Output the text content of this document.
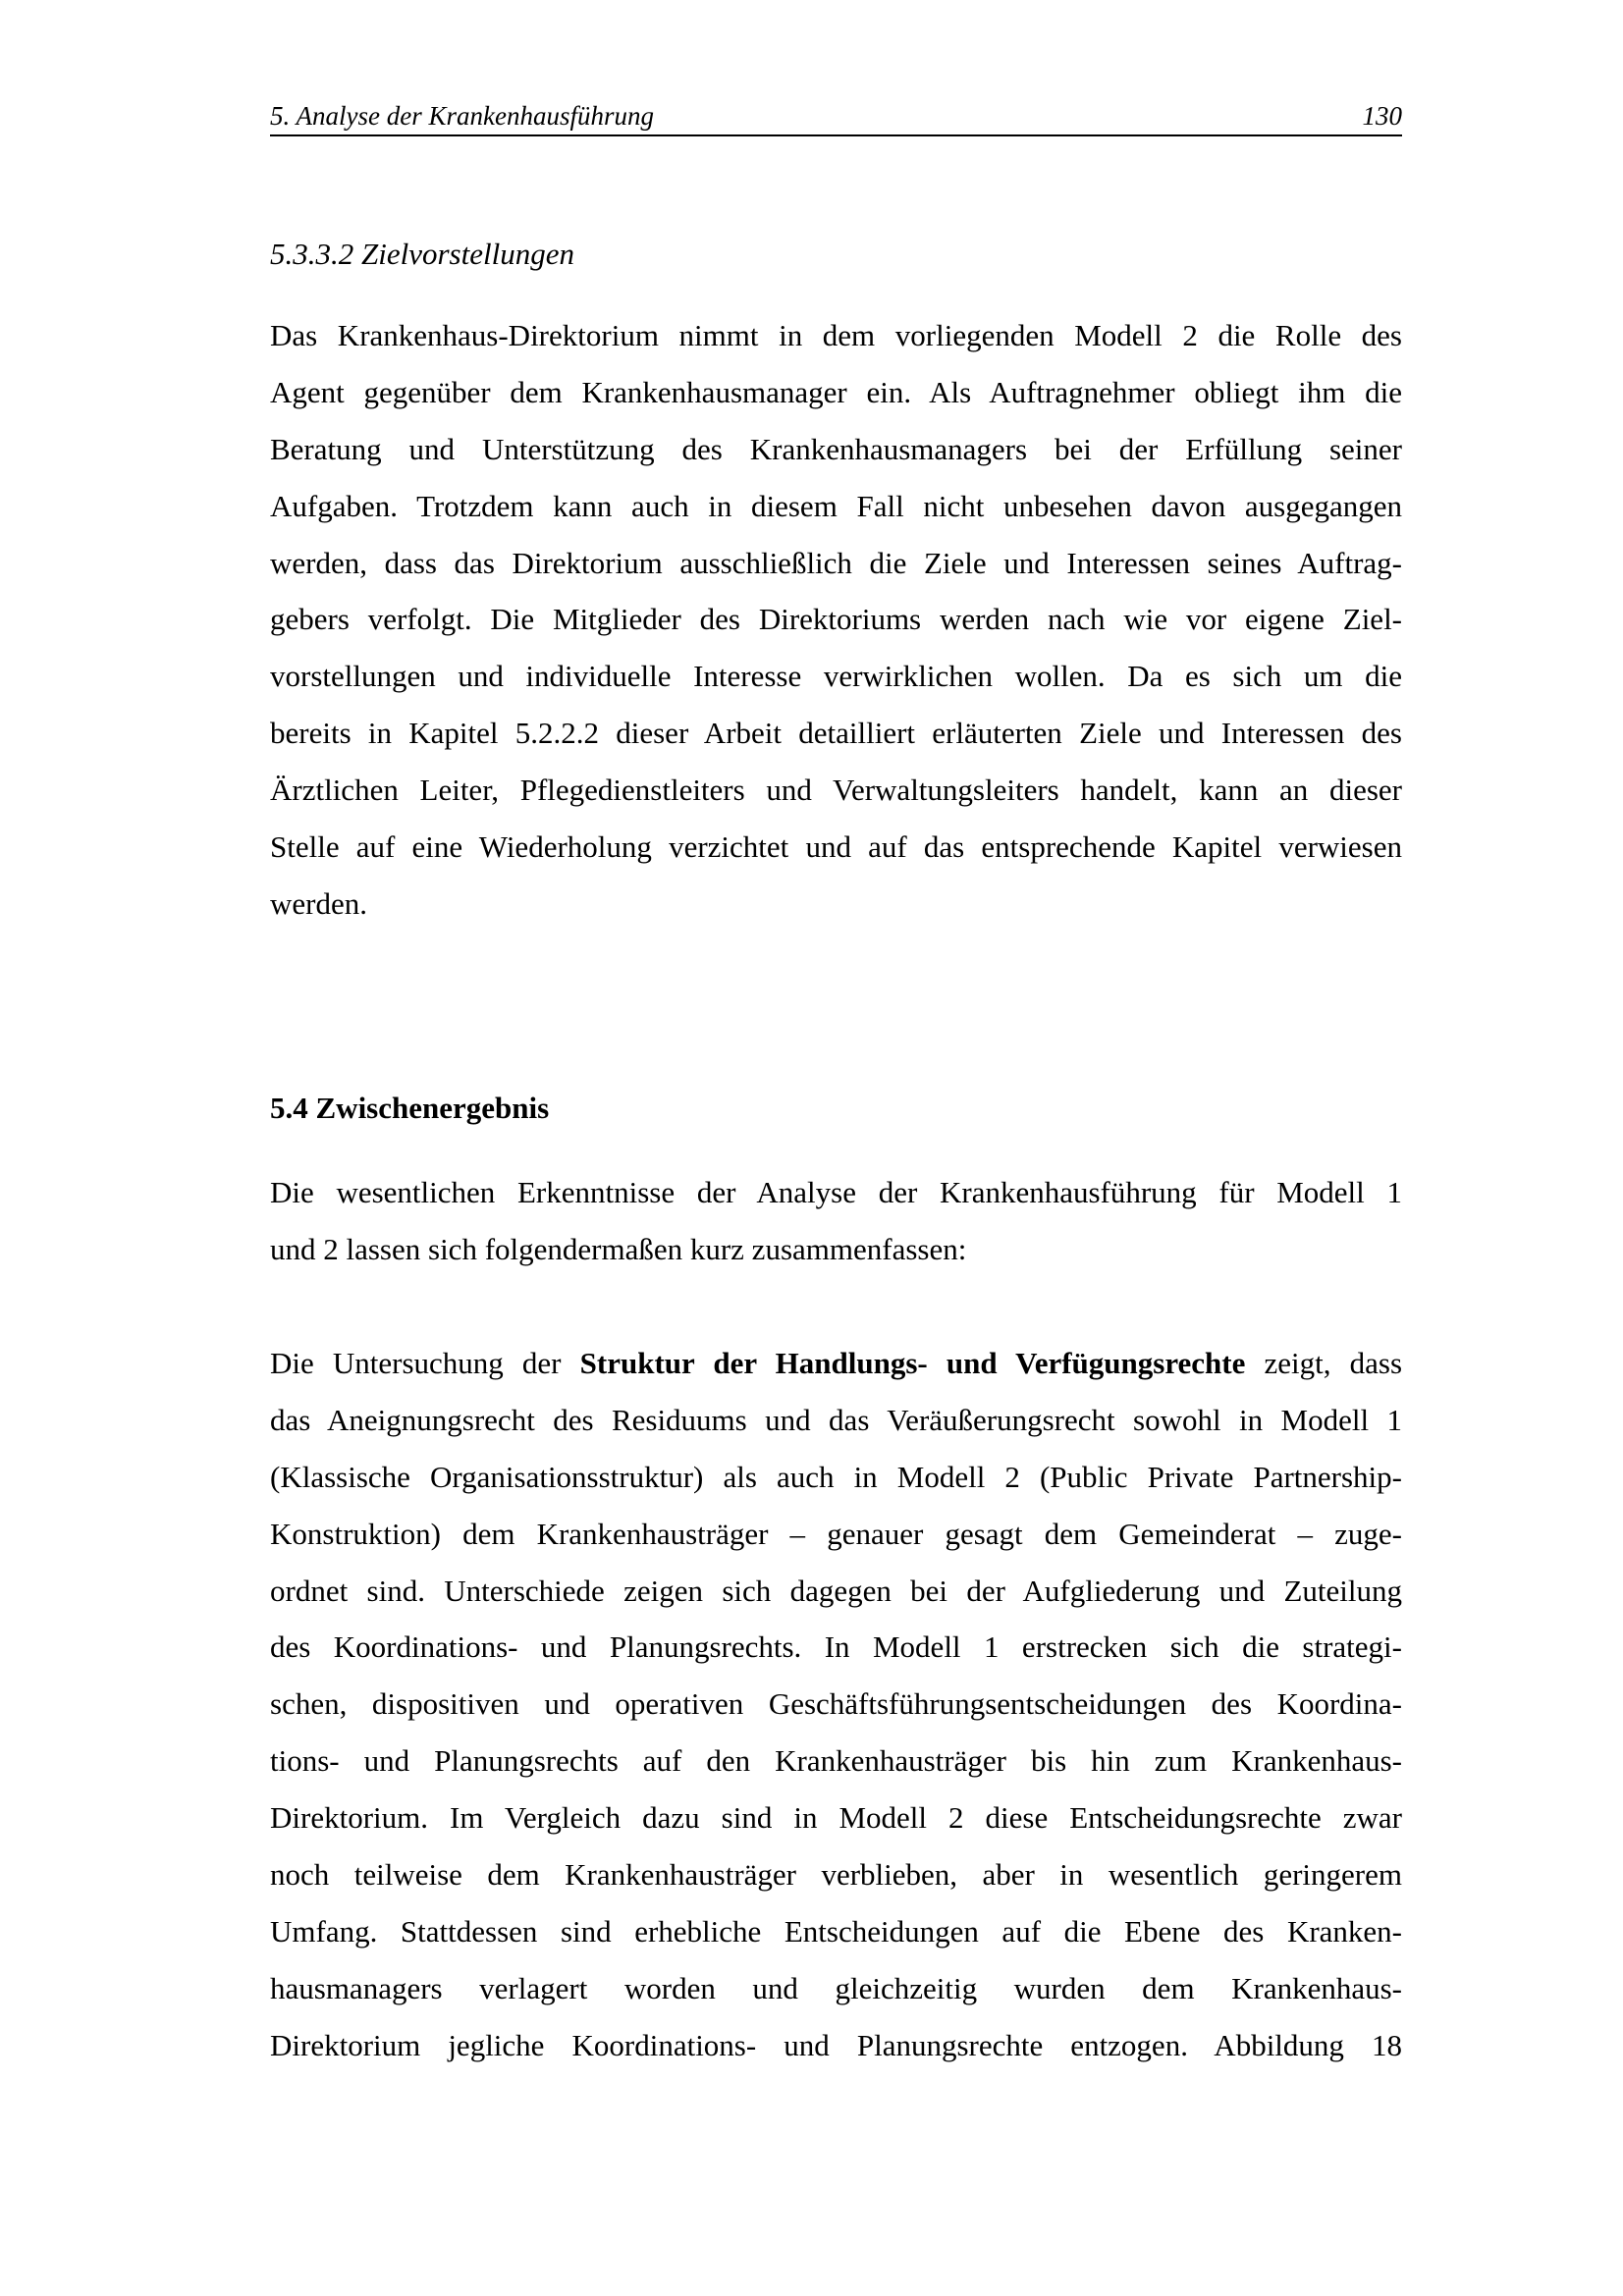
5. Analyse der Krankenhausführung	130
5.3.3.2 Zielvorstellungen
Das Krankenhaus-Direktorium nimmt in dem vorliegenden Modell 2 die Rolle des
Agent gegenüber dem Krankenhausmanager ein. Als Auftragnehmer obliegt ihm die
Beratung und Unterstützung des Krankenhausmanagers bei der Erfüllung seiner
Aufgaben. Trotzdem kann auch in diesem Fall nicht unbesehen davon ausgegangen
werden, dass das Direktorium ausschließlich die Ziele und Interessen seines Auftrag-
gebers verfolgt. Die Mitglieder des Direktoriums werden nach wie vor eigene Ziel-
vorstellungen und individuelle Interesse verwirklichen wollen. Da es sich um die
bereits in Kapitel 5.2.2.2 dieser Arbeit detailliert erläuterten Ziele und Interessen des
Ärztlichen Leiter, Pflegedienstleiters und Verwaltungsleiters handelt, kann an dieser
Stelle auf eine Wiederholung verzichtet und auf das entsprechende Kapitel verwiesen
werden.
5.4 Zwischenergebnis
Die wesentlichen Erkenntnisse der Analyse der Krankenhausführung für Modell 1
und 2 lassen sich folgendermaßen kurz zusammenfassen:
Die Untersuchung der Struktur der Handlungs- und Verfügungsrechte zeigt, dass
das Aneignungsrecht des Residuums und das Veräußerungsrecht sowohl in Modell 1
(Klassische Organisationsstruktur) als auch in Modell 2 (Public Private Partnership-
Konstruktion) dem Krankenhausträger – genauer gesagt dem Gemeinderat – zuge-
ordnet sind. Unterschiede zeigen sich dagegen bei der Aufgliederung und Zuteilung
des Koordinations- und Planungsrechts. In Modell 1 erstrecken sich die strategi-
schen, dispositiven und operativen Geschäftsführungsentscheidungen des Koordina-
tions- und Planungsrechts auf den Krankenhausträger bis hin zum Krankenhaus-
Direktorium. Im Vergleich dazu sind in Modell 2 diese Entscheidungsrechte zwar
noch teilweise dem Krankenhausträger verblieben, aber in wesentlich geringerem
Umfang. Stattdessen sind erhebliche Entscheidungen auf die Ebene des Kranken-
hausmanagers verlagert worden und gleichzeitig wurden dem Krankenhaus-
Direktorium jegliche Koordinations- und Planungsrechte entzogen. Abbildung 18
